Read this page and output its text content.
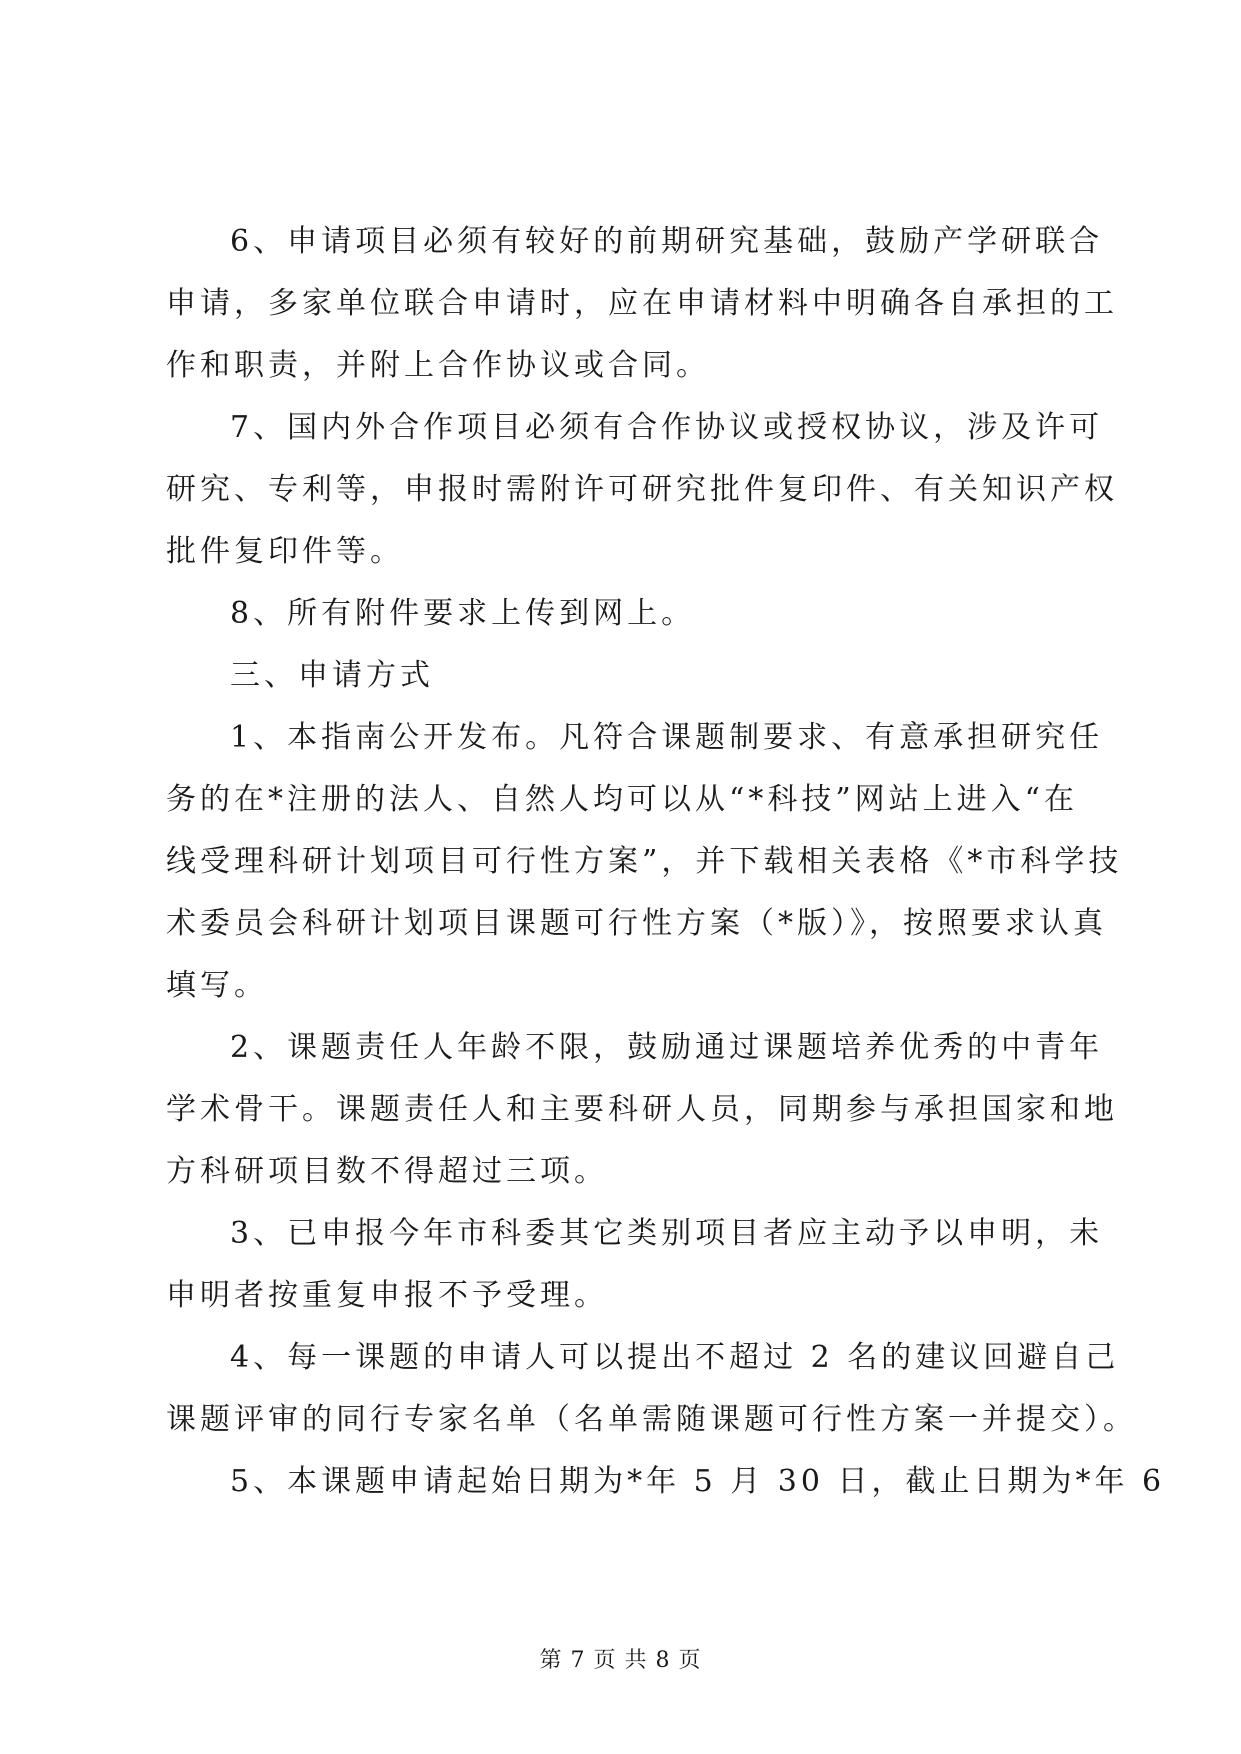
6、申请项目必须有较好的前期研究基础，鼓励产学研联合
申请，多家单位联合申请时，应在申请材料中明确各自承担的工
作和职责，并附上合作协议或合同。
7、国内外合作项目必须有合作协议或授权协议，涉及许可
研究、专利等，申报时需附许可研究批件复印件、有关知识产权
批件复印件等。
8、所有附件要求上传到网上。
三、申请方式
1、本指南公开发布。凡符合课题制要求、有意承担研究任
务的在*注册的法人、自然人均可以从“*科技”网站上进入“在
线受理科研计划项目可行性方案”，并下载相关表格《*市科学技
术委员会科研计划项目课题可行性方案（*版）》，按照要求认真
填写。
2、课题责任人年龄不限，鼓励通过课题培养优秀的中青年
学术骨干。课题责任人和主要科研人员，同期参与承担国家和地
方科研项目数不得超过三项。
3、已申报今年市科委其它类别项目者应主动予以申明，未
申明者按重复申报不予受理。
4、每一课题的申请人可以提出不超过 2 名的建议回避自己
课题评审的同行专家名单（名单需随课题可行性方案一并提交）。
5、本课题申请起始日期为*年 5 月 30 日，截止日期为*年 6
第 7 页 共 8 页
